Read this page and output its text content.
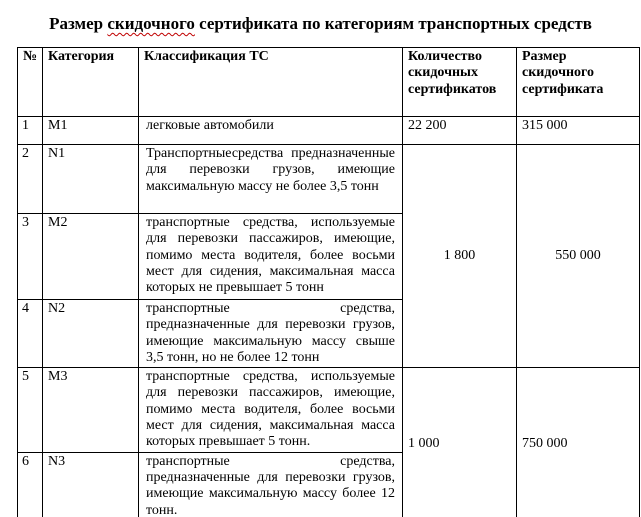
Размер скидочного сертификата по категориям транспортных средств
№	Категория	Классификация ТС	Количество скидочных сертификатов	Размер скидочного сертификата
1	M1	легковые автомобили	22 200	315 000
2	N1	Транспортныесредства предназначенные для перевозки грузов, имеющие максимальную массу не более 3,5 тонн	1 800	550 000
3	M2	транспортные средства, используемые для перевозки пассажиров, имеющие, помимо места водителя, более восьми мест для сидения, максимальная масса которых не превышает 5 тонн		
4	N2	транспортные средства, предназначенные для перевозки грузов, имеющие максимальную массу свыше 3,5 тонн, но не более 12 тонн		
5	M3	транспортные средства, используемые для перевозки пассажиров, имеющие, помимо места водителя, более восьми мест для сидения, максимальная масса которых превышает 5 тонн.	1 000	750 000
6	N3	транспортные средства, предназначенные для перевозки грузов, имеющие максимальную массу более 12 тонн.		
